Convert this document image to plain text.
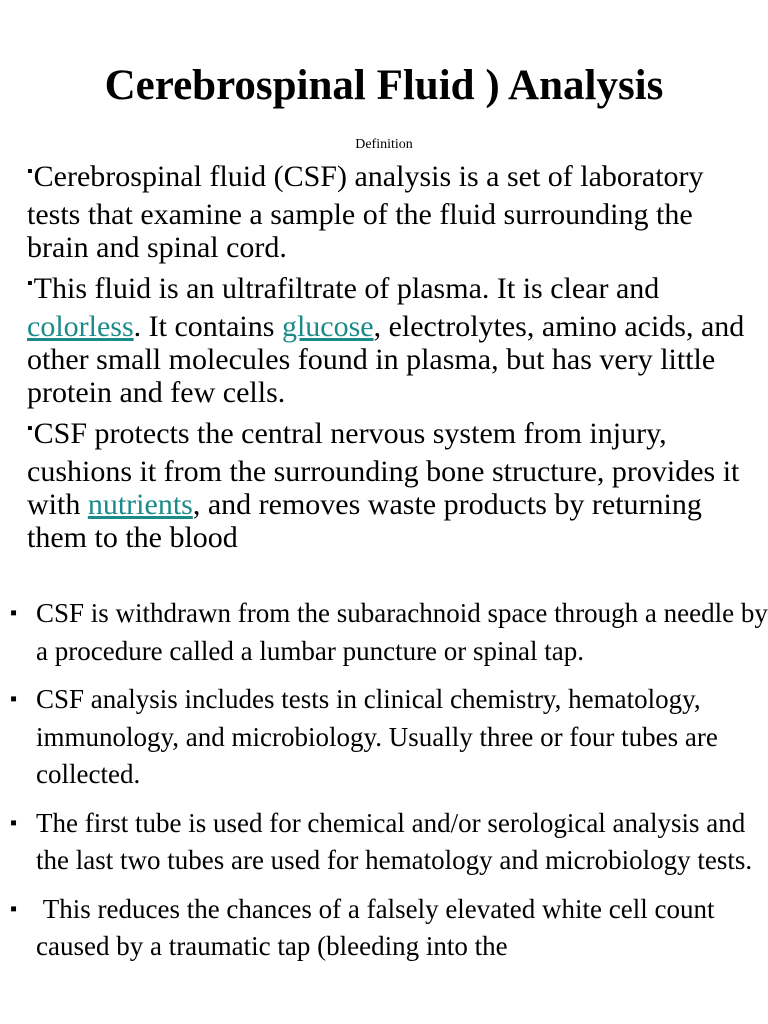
Cerebrospinal Fluid ) Analysis
Definition
▪Cerebrospinal fluid (CSF) analysis is a set of laboratory tests that examine a sample of the fluid surrounding the brain and spinal cord.
▪This fluid is an ultrafiltrate of plasma. It is clear and colorless. It contains glucose, electrolytes, amino acids, and other small molecules found in plasma, but has very little protein and few cells.
▪CSF protects the central nervous system from injury, cushions it from the surrounding bone structure, provides it with nutrients, and removes waste products by returning them to the blood
▪ CSF is withdrawn from the subarachnoid space through a needle by a procedure called a lumbar puncture or spinal tap.
▪ CSF analysis includes tests in clinical chemistry, hematology, immunology, and microbiology. Usually three or four tubes are collected.
▪ The first tube is used for chemical and/or serological analysis and the last two tubes are used for hematology and microbiology tests.
▪ This reduces the chances of a falsely elevated white cell count caused by a traumatic tap (bleeding into the
